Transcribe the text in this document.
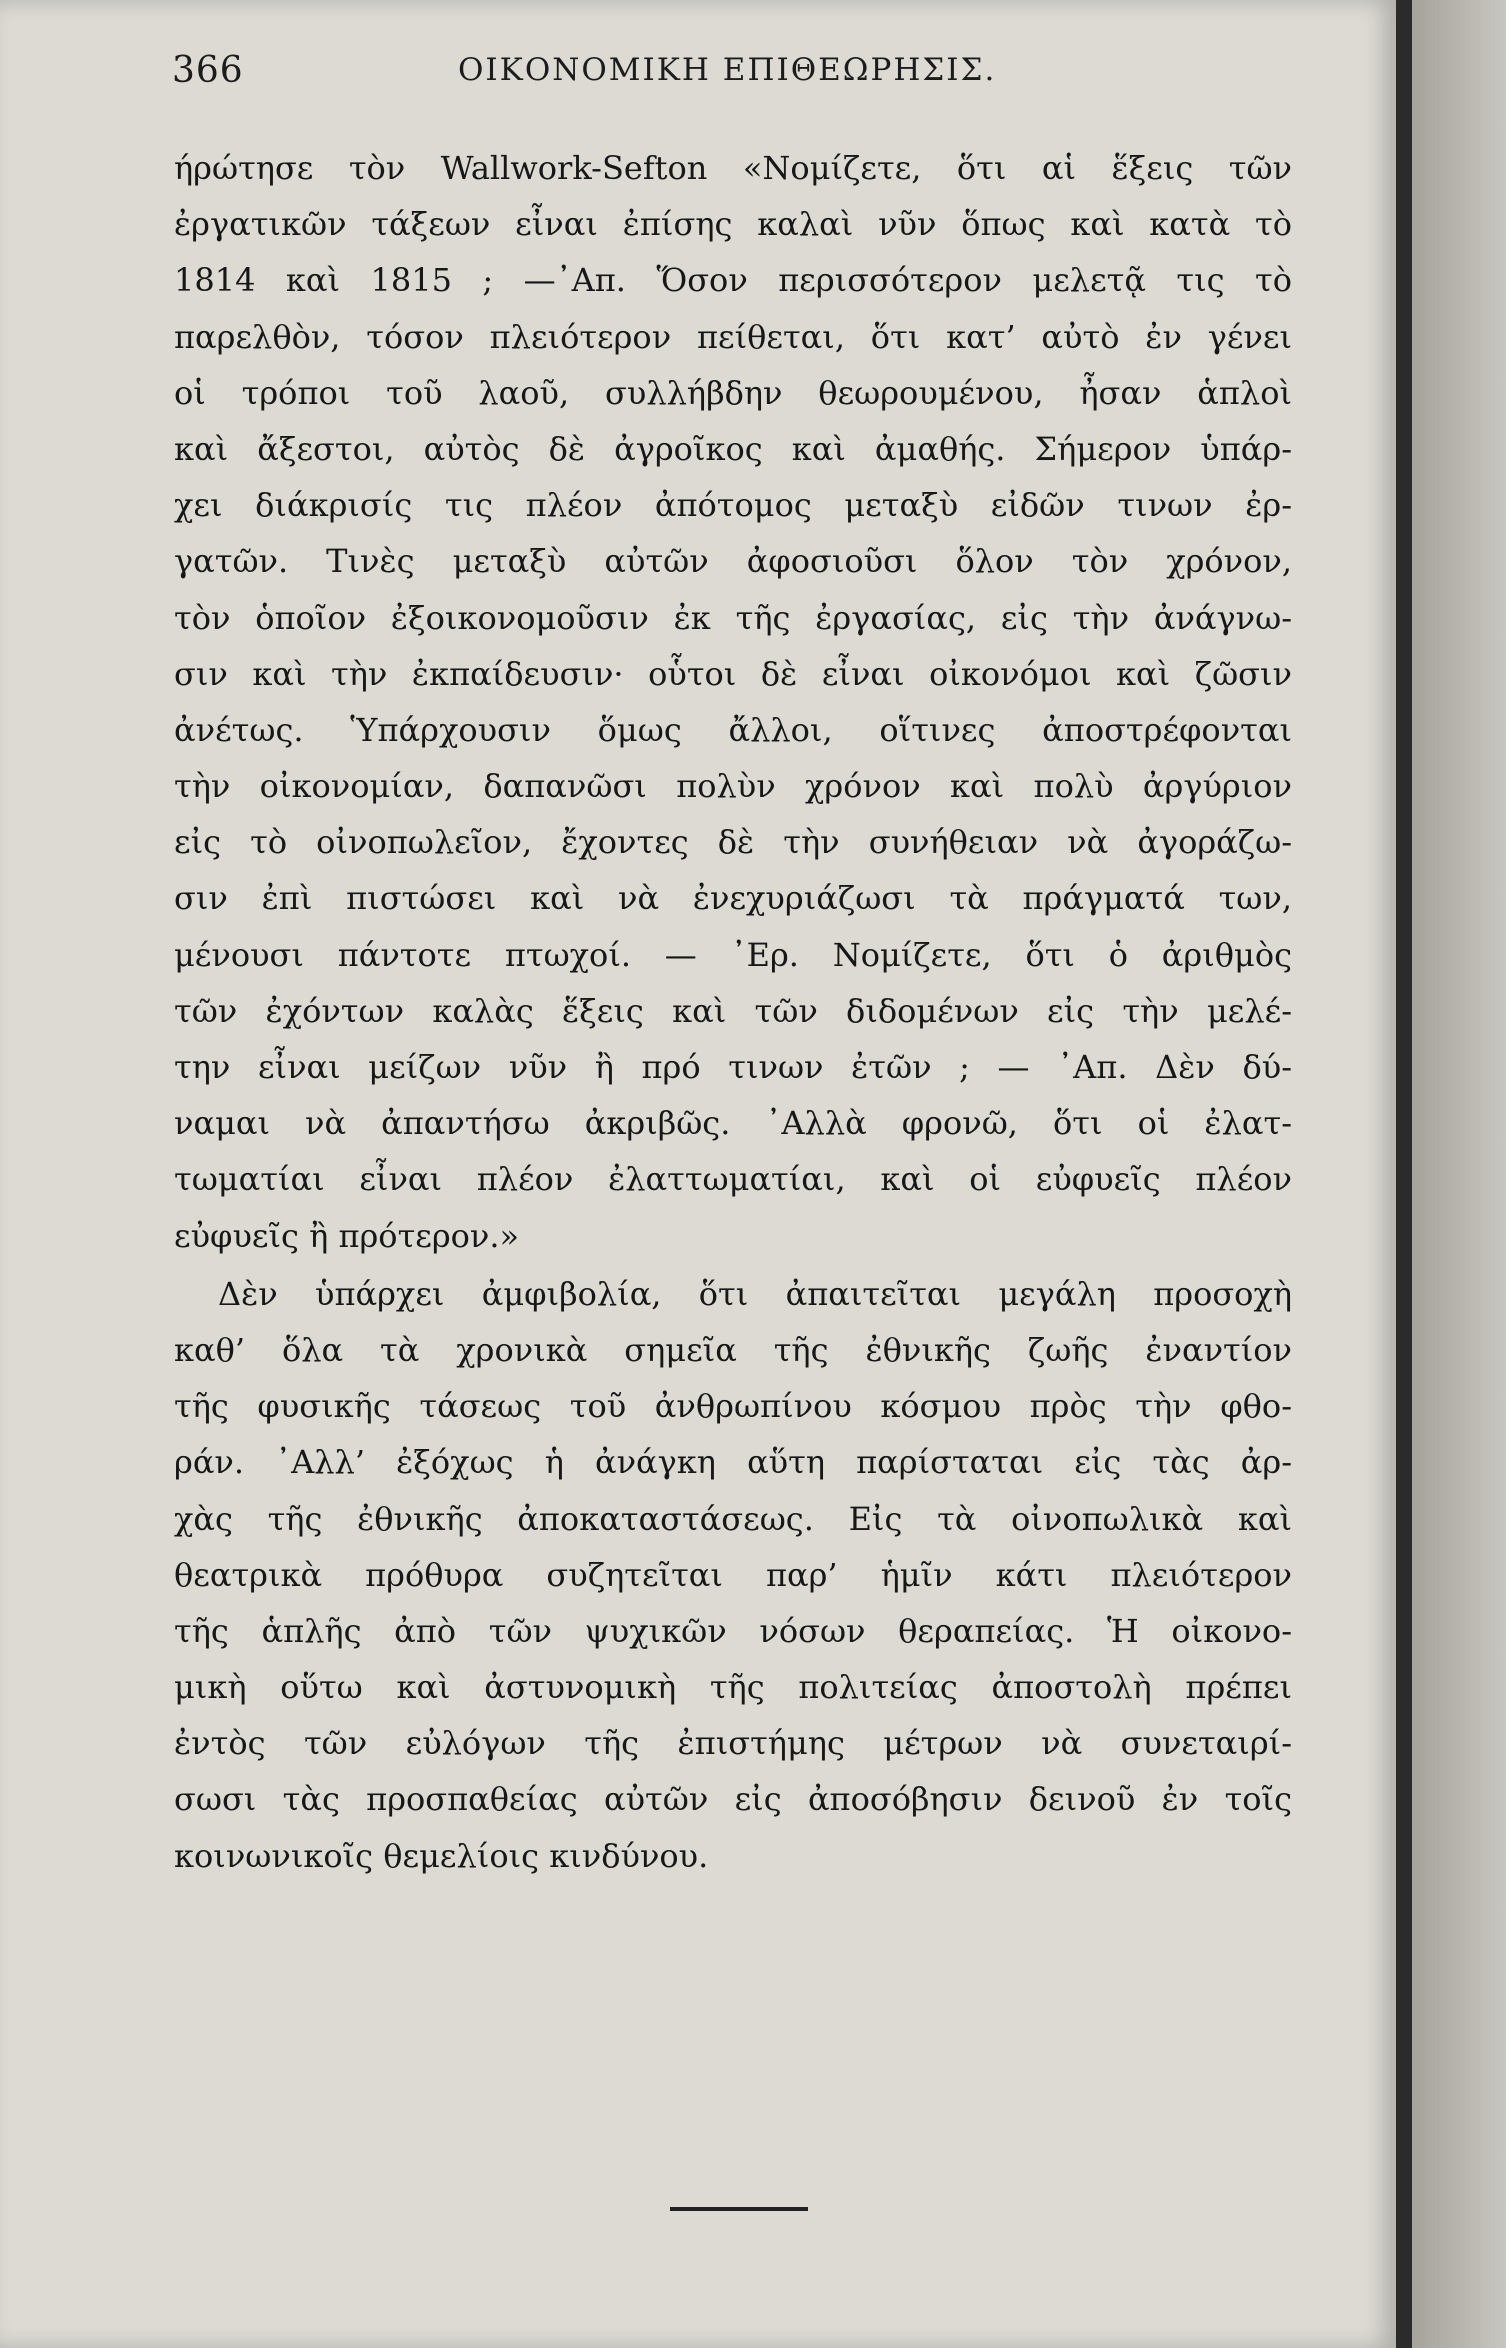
366	ΟΙΚΟΝΟΜΙΚΗ ΕΠΙΘΕΩΡΗΣΙΣ.
ήρώτησε τὸν Wallwork-Sefton «Νομίζετε, ὅτι αἱ ἕξεις τῶν
ἐργατικῶν τάξεων εἶναι ἐπίσης καλαὶ νῦν ὅπως καὶ κατὰ τὸ
1814 καὶ 1815 ; —᾿Απ. Ὅσον περισσότερον μελετᾷ τις τὸ
παρελθὸν, τόσον πλειότερον πείθεται, ὅτι κατ’ αὐτὸ ἐν γένει
οἱ τρόποι τοῦ λαοῦ, συλλήβδην θεωρουμένου, ἦσαν ἁπλοὶ
καὶ ἄξεστοι, αὐτὸς δὲ ἀγροῖκος καὶ ἀμαθής. Σήμερον ὑπάρ-
χει διάκρισίς τις πλέον ἀπότομος μεταξὺ εἰδῶν τινων ἐρ-
γατῶν. Τινὲς μεταξὺ αὐτῶν ἀφοσιοῦσι ὅλον τὸν χρόνον,
τὸν ὁποῖον ἐξοικονομοῦσιν ἐκ τῆς ἐργασίας, εἰς τὴν ἀνάγνω-
σιν καὶ τὴν ἐκπαίδευσιν· οὗτοι δὲ εἶναι οἰκονόμοι καὶ ζῶσιν
ἀνέτως. Ὑπάρχουσιν ὅμως ἄλλοι, οἵτινες ἀποστρέφονται
τὴν οἰκονομίαν, δαπανῶσι πολὺν χρόνον καὶ πολὺ ἀργύριον
εἰς τὸ οἰνοπωλεῖον, ἔχοντες δὲ τὴν συνήθειαν νὰ ἀγοράζω-
σιν ἐπὶ πιστώσει καὶ νὰ ἐνεχυριάζωσι τὰ πράγματά των,
μένουσι πάντοτε πτωχοί. — ᾿Ερ. Νομίζετε, ὅτι ὁ ἀριθμὸς
τῶν ἐχόντων καλὰς ἕξεις καὶ τῶν διδομένων εἰς τὴν μελέ-
την εἶναι μείζων νῦν ἢ πρό τινων ἐτῶν ; — ᾿Απ. Δὲν δύ-
ναμαι νὰ ἀπαντήσω ἀκριβῶς. ᾿Αλλὰ φρονῶ, ὅτι οἱ ἐλατ-
τωματίαι εἶναι πλέον ἐλαττωματίαι, καὶ οἱ εὐφυεῖς πλέον
εὐφυεῖς ἢ πρότερον.»
Δὲν ὑπάρχει ἀμφιβολία, ὅτι ἀπαιτεῖται μεγάλη προσοχὴ
καθ’ ὅλα τὰ χρονικὰ σημεῖα τῆς ἐθνικῆς ζωῆς ἐναντίον
τῆς φυσικῆς τάσεως τοῦ ἀνθρωπίνου κόσμου πρὸς τὴν φθο-
ράν. ᾿Αλλ’ ἐξόχως ἡ ἀνάγκη αὕτη παρίσταται εἰς τὰς ἀρ-
χὰς τῆς ἐθνικῆς ἀποκαταστάσεως. Εἰς τὰ οἰνοπωλικὰ καὶ
θεατρικὰ πρόθυρα συζητεῖται παρ’ ἡμῖν κάτι πλειότερον
τῆς ἁπλῆς ἀπὸ τῶν ψυχικῶν νόσων θεραπείας. Ἡ οἰκονο-
μικὴ οὕτω καὶ ἀστυνομικὴ τῆς πολιτείας ἀποστολὴ πρέπει
ἐντὸς τῶν εὐλόγων τῆς ἐπιστήμης μέτρων νὰ συνεταιρί-
σωσι τὰς προσπαθείας αὐτῶν εἰς ἀποσόβησιν δεινοῦ ἐν τοῖς
κοινωνικοῖς θεμελίοις κινδύνου.
